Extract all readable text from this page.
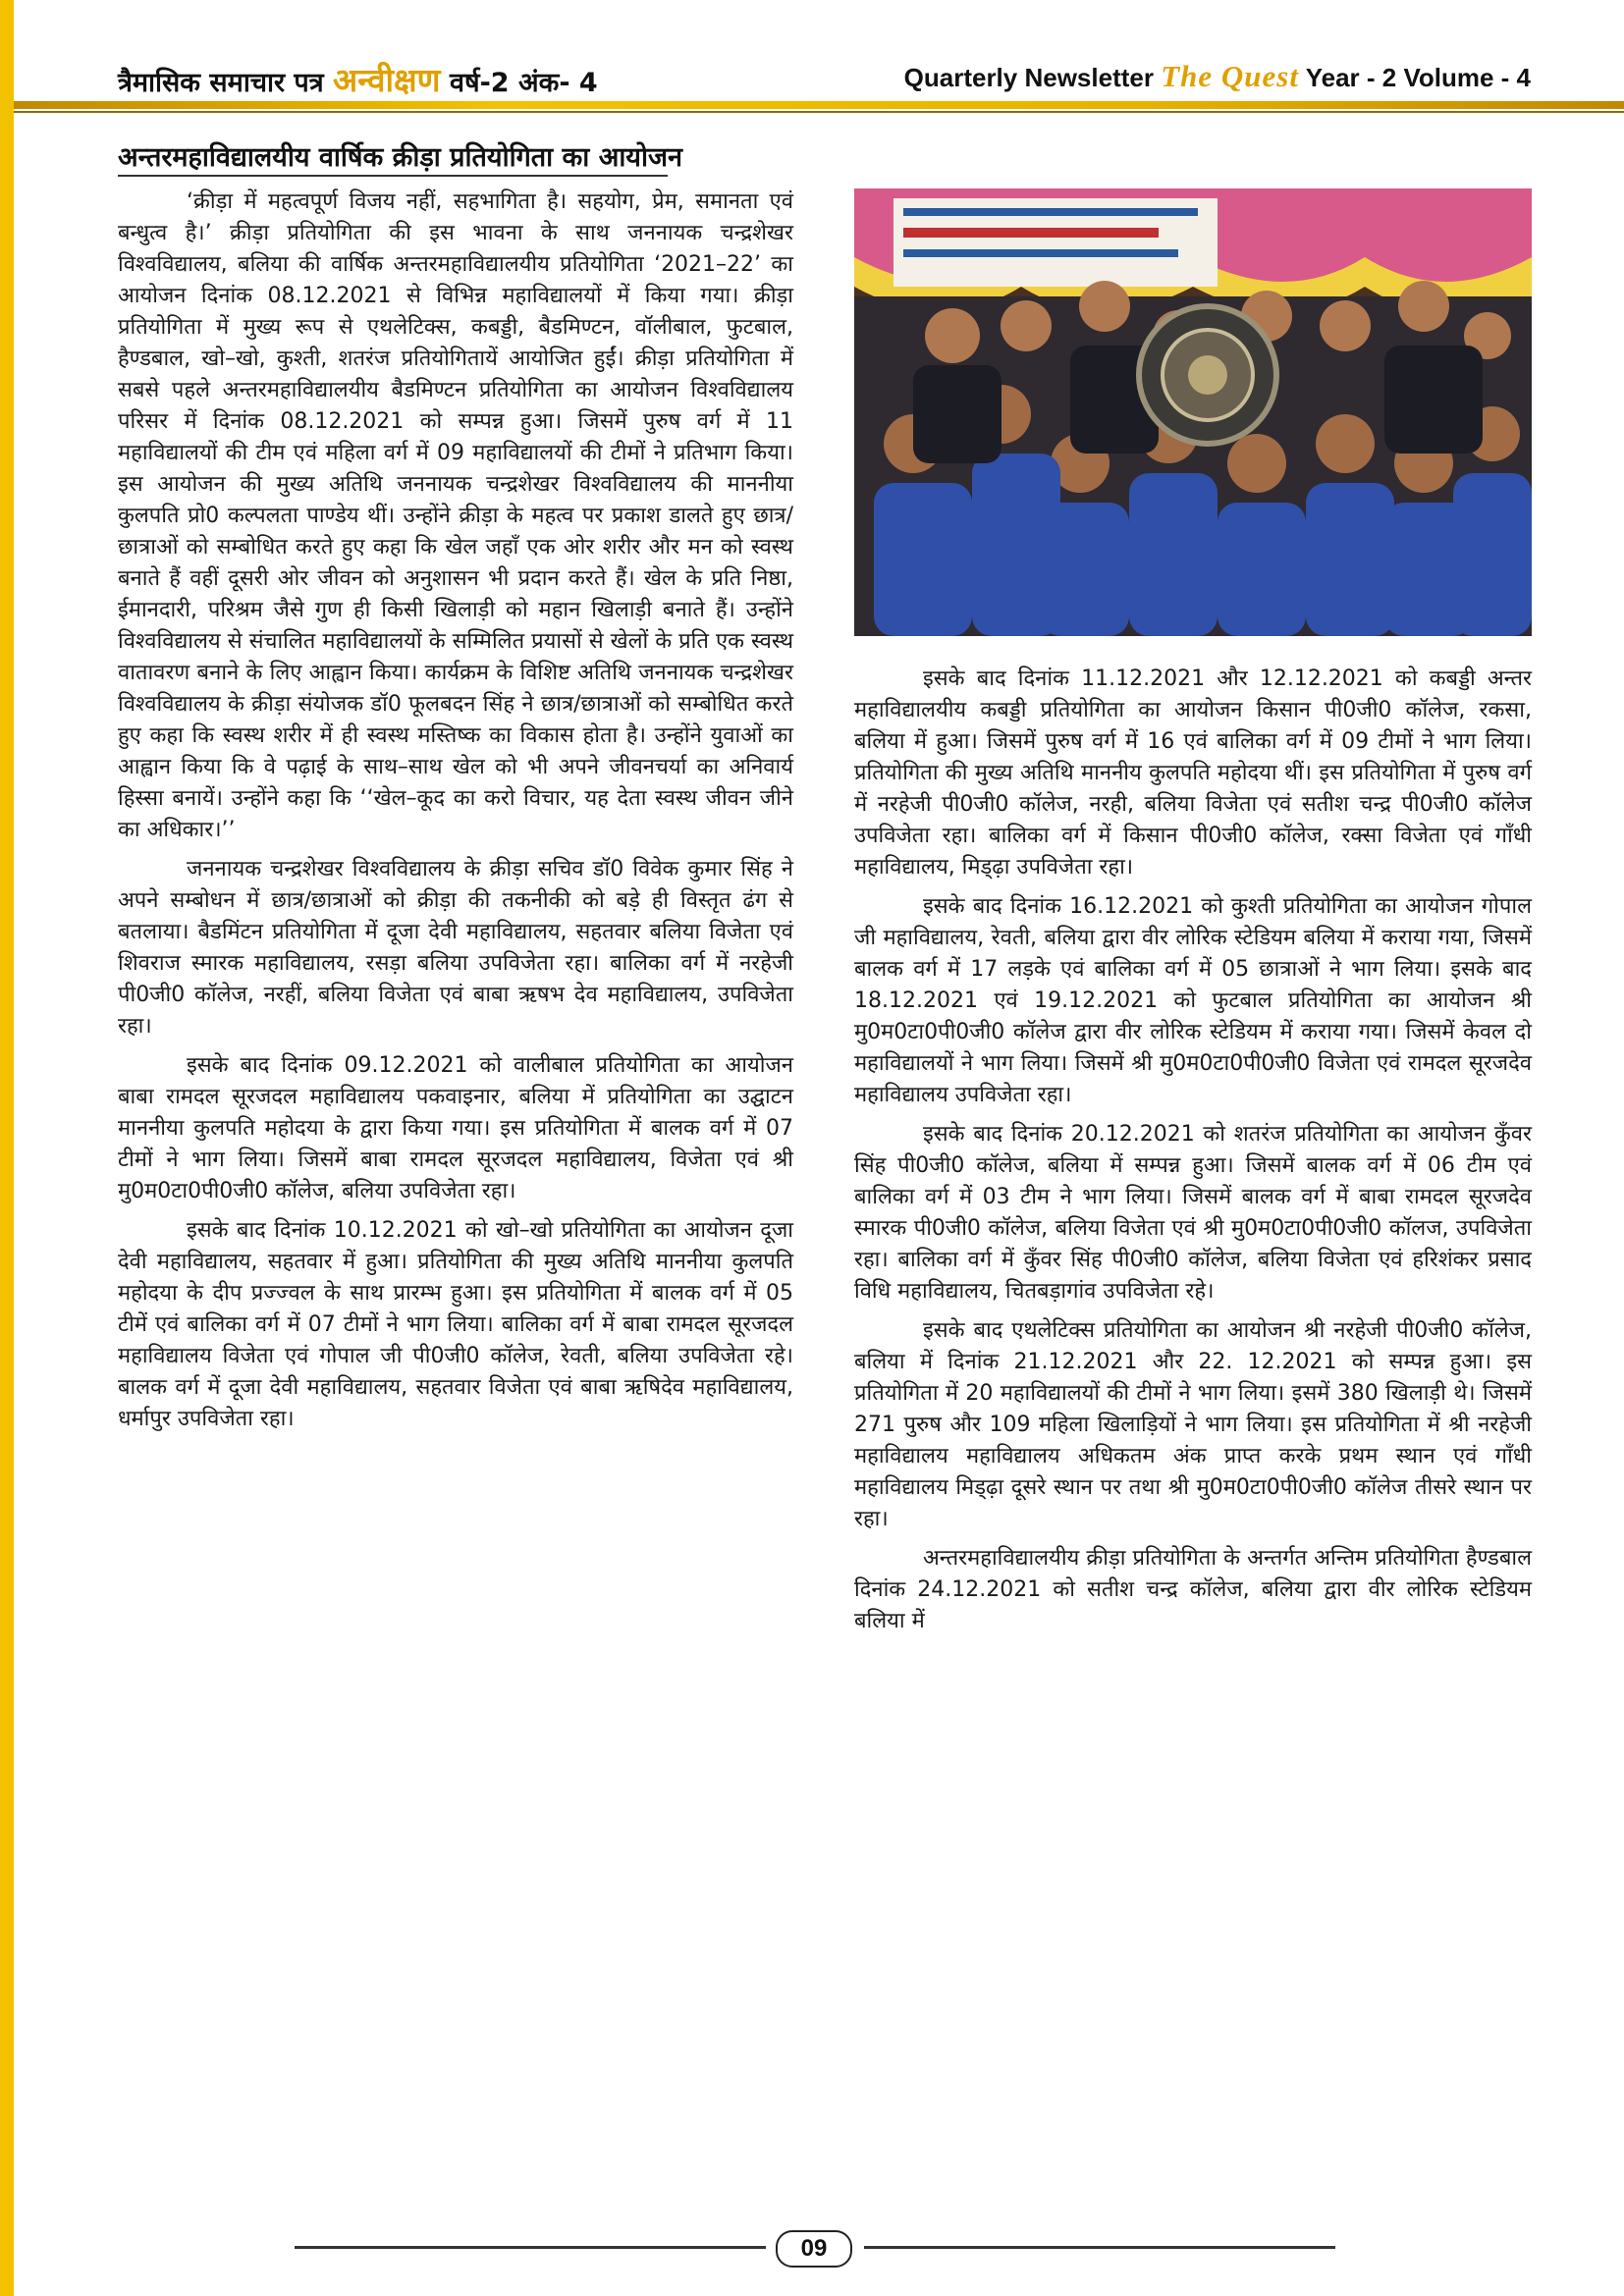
त्रैमासिक समाचार पत्र अन्वीक्षण वर्ष-2 अंक- 4	Quarterly Newsletter The Quest Year - 2 Volume - 4
अन्तरमहाविद्यालयीय वार्षिक क्रीड़ा प्रतियोगिता का आयोजन

‘क्रीड़ा में महत्वपूर्ण विजय नहीं, सहभागिता है। सहयोग, प्रेम, समानता एवं बन्धुत्व है।’ क्रीड़ा प्रतियोगिता की इस भावना के साथ जननायक चन्द्रशेखर विश्वविद्यालय, बलिया की वार्षिक अन्तरमहाविद्यालयीय प्रतियोगिता ‘2021–22’ का आयोजन दिनांक 08.12.2021 से विभिन्न महाविद्यालयों में किया गया। क्रीड़ा प्रतियोगिता में मुख्य रूप से एथलेटिक्स, कबड्डी, बैडमिण्टन, वॉलीबाल, फुटबाल, हैण्डबाल, खो–खो, कुश्ती, शतरंज प्रतियोगितायें आयोजित हुईं। क्रीड़ा प्रतियोगिता में सबसे पहले अन्तरमहाविद्यालयीय बैडमिण्टन प्रतियोगिता का आयोजन विश्वविद्यालय परिसर में दिनांक 08.12.2021 को सम्पन्न हुआ। जिसमें पुरुष वर्ग में 11 महाविद्यालयों की टीम एवं महिला वर्ग में 09 महाविद्यालयों की टीमों ने प्रतिभाग किया। इस आयोजन की मुख्य अतिथि जननायक चन्द्रशेखर विश्वविद्यालय की माननीया कुलपति प्रो0 कल्पलता पाण्डेय थीं। उन्होंने क्रीड़ा के महत्व पर प्रकाश डालते हुए छात्र/छात्राओं को सम्बोधित करते हुए कहा कि खेल जहाँ एक ओर शरीर और मन को स्वस्थ बनाते हैं वहीं दूसरी ओर जीवन को अनुशासन भी प्रदान करते हैं। खेल के प्रति निष्ठा, ईमानदारी, परिश्रम जैसे गुण ही किसी खिलाड़ी को महान खिलाड़ी बनाते हैं। उन्होंने विश्वविद्यालय से संचालित महाविद्यालयों के सम्मिलित प्रयासों से खेलों के प्रति एक स्वस्थ वातावरण बनाने के लिए आह्वान किया। कार्यक्रम के विशिष्ट अतिथि जननायक चन्द्रशेखर विश्वविद्यालय के क्रीड़ा संयोजक डॉ0 फूलबदन सिंह ने छात्र/छात्राओं को सम्बोधित करते हुए कहा कि स्वस्थ शरीर में ही स्वस्थ मस्तिष्क का विकास होता है। उन्होंने युवाओं का आह्वान किया कि वे पढ़ाई के साथ–साथ खेल को भी अपने जीवनचर्या का अनिवार्य हिस्सा बनायें। उन्होंने कहा कि ‘‘खेल–कूद का करो विचार, यह देता स्वस्थ जीवन जीने का अधिकार।’’

जननायक चन्द्रशेखर विश्वविद्यालय के क्रीड़ा सचिव डॉ0 विवेक कुमार सिंह ने अपने सम्बोधन में छात्र/छात्राओं को क्रीड़ा की तकनीकी को बड़े ही विस्तृत ढंग से बतलाया। बैडमिंटन प्रतियोगिता में दूजा देवी महाविद्यालय, सहतवार बलिया विजेता एवं शिवराज स्मारक महाविद्यालय, रसड़ा बलिया उपविजेता रहा। बालिका वर्ग में नरहेजी पी0जी0 कॉलेज, नरहीं, बलिया विजेता एवं बाबा ऋषभ देव महाविद्यालय, उपविजेता रहा।

इसके बाद दिनांक 09.12.2021 को वालीबाल प्रतियोगिता का आयोजन बाबा रामदल सूरजदल महाविद्यालय पकवाइनार, बलिया में प्रतियोगिता का उद्घाटन माननीया कुलपति महोदया के द्वारा किया गया। इस प्रतियोगिता में बालक वर्ग में 07 टीमों ने भाग लिया। जिसमें बाबा रामदल सूरजदल महाविद्यालय, विजेता एवं श्री मु0म0टा0पी0जी0 कॉलेज, बलिया उपविजेता रहा।

इसके बाद दिनांक 10.12.2021 को खो–खो प्रतियोगिता का आयोजन दूजा देवी महाविद्यालय, सहतवार में हुआ। प्रतियोगिता की मुख्य अतिथि माननीया कुलपति महोदया के दीप प्रज्ज्वल के साथ प्रारम्भ हुआ। इस प्रतियोगिता में बालक वर्ग में 05 टीमें एवं बालिका वर्ग में 07 टीमों ने भाग लिया। बालिका वर्ग में बाबा रामदल सूरजदल महाविद्यालय विजेता एवं गोपाल जी पी0जी0 कॉलेज, रेवती, बलिया उपविजेता रहे। बालक वर्ग में दूजा देवी महाविद्यालय, सहतवार विजेता एवं बाबा ऋषिदेव महाविद्यालय, धर्मापुर उपविजेता रहा।

इसके बाद दिनांक 11.12.2021 और 12.12.2021 को कबड्डी अन्तर महाविद्यालयीय कबड्डी प्रतियोगिता का आयोजन किसान पी0जी0 कॉलेज, रकसा, बलिया में हुआ। जिसमें पुरुष वर्ग में 16 एवं बालिका वर्ग में 09 टीमों ने भाग लिया। प्रतियोगिता की मुख्य अतिथि माननीय कुलपति महोदया थीं। इस प्रतियोगिता में पुरुष वर्ग में नरहेजी पी0जी0 कॉलेज, नरही, बलिया विजेता एवं सतीश चन्द्र पी0जी0 कॉलेज उपविजेता रहा। बालिका वर्ग में किसान पी0जी0 कॉलेज, रक्सा विजेता एवं गाँधी महाविद्यालय, मिड्ढ़ा उपविजेता रहा।

इसके बाद दिनांक 16.12.2021 को कुश्ती प्रतियोगिता का आयोजन गोपाल जी महाविद्यालय, रेवती, बलिया द्वारा वीर लोरिक स्टेडियम बलिया में कराया गया, जिसमें बालक वर्ग में 17 लड़के एवं बालिका वर्ग में 05 छात्राओं ने भाग लिया। इसके बाद 18.12.2021 एवं 19.12.2021 को फुटबाल प्रतियोगिता का आयोजन श्री मु0म0टा0पी0जी0 कॉलेज द्वारा वीर लोरिक स्टेडियम में कराया गया। जिसमें केवल दो महाविद्यालयों ने भाग लिया। जिसमें श्री मु0म0टा0पी0जी0 विजेता एवं रामदल सूरजदेव महाविद्यालय उपविजेता रहा।

इसके बाद दिनांक 20.12.2021 को शतरंज प्रतियोगिता का आयोजन कुँवर सिंह पी0जी0 कॉलेज, बलिया में सम्पन्न हुआ। जिसमें बालक वर्ग में 06 टीम एवं बालिका वर्ग में 03 टीम ने भाग लिया। जिसमें बालक वर्ग में बाबा रामदल सूरजदेव स्मारक पी0जी0 कॉलेज, बलिया विजेता एवं श्री मु0म0टा0पी0जी0 कॉलज, उपविजेता रहा। बालिका वर्ग में कुँवर सिंह पी0जी0 कॉलेज, बलिया विजेता एवं हरिशंकर प्रसाद विधि महाविद्यालय, चितबड़ागांव उपविजेता रहे।

इसके बाद एथलेटिक्स प्रतियोगिता का आयोजन श्री नरहेजी पी0जी0 कॉलेज, बलिया में दिनांक 21.12.2021 और 22. 12.2021 को सम्पन्न हुआ। इस प्रतियोगिता में 20 महाविद्यालयों की टीमों ने भाग लिया। इसमें 380 खिलाड़ी थे। जिसमें 271 पुरुष और 109 महिला खिलाड़ियों ने भाग लिया। इस प्रतियोगिता में श्री नरहेजी महाविद्यालय महाविद्यालय अधिकतम अंक प्राप्त करके प्रथम स्थान एवं गाँधी महाविद्यालय मिड्ढ़ा दूसरे स्थान पर तथा श्री मु0म0टा0पी0जी0 कॉलेज तीसरे स्थान पर रहा।

अन्तरमहाविद्यालयीय क्रीड़ा प्रतियोगिता के अन्तर्गत अन्तिम प्रतियोगिता हैण्डबाल दिनांक 24.12.2021 को सतीश चन्द्र कॉलेज, बलिया द्वारा वीर लोरिक स्टेडियम बलिया में

09
